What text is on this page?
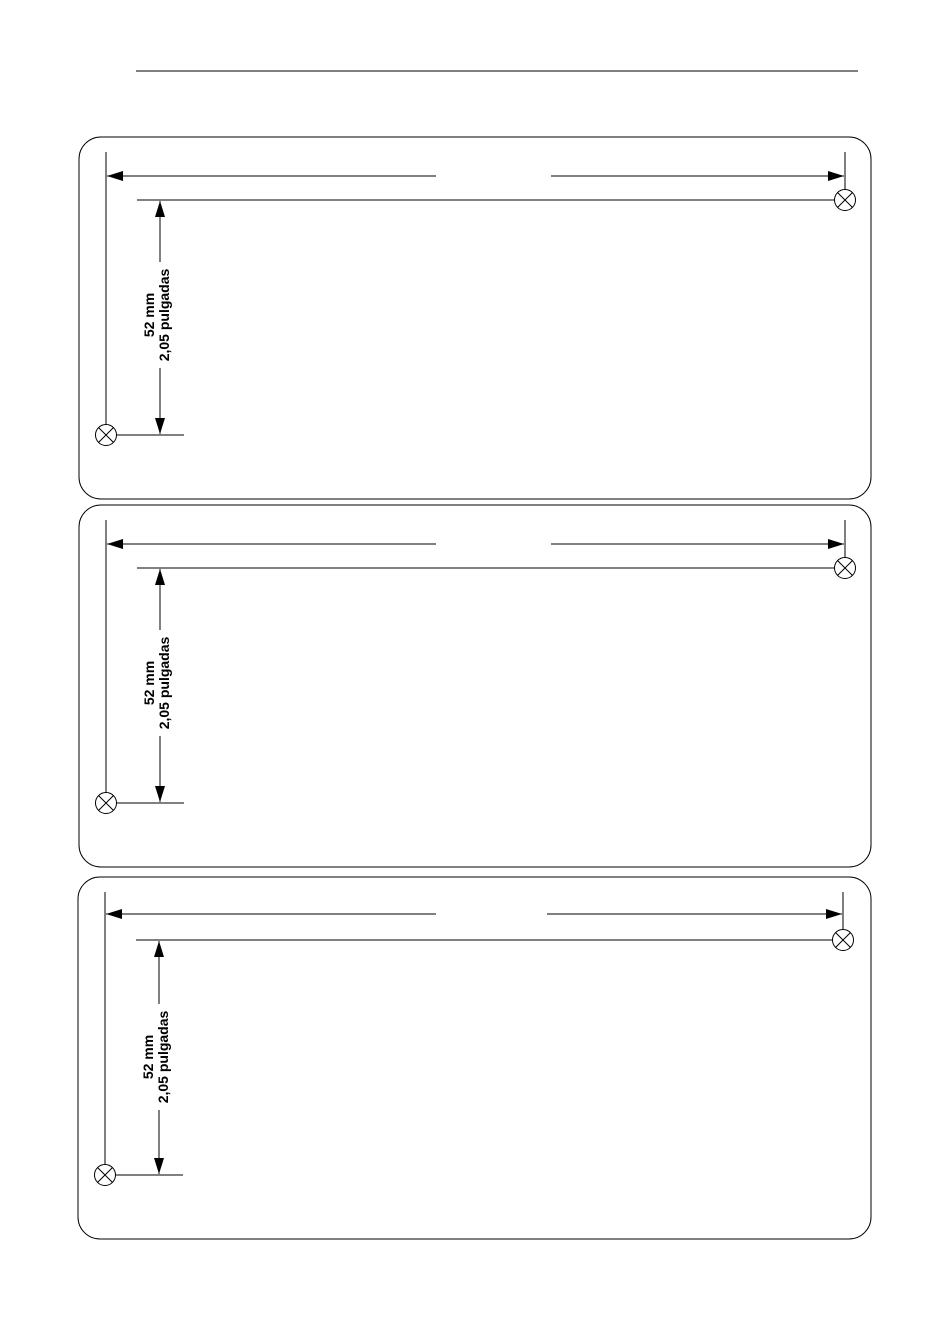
52 mm 2,05 pulgadas
52 mm 2,05 pulgadas
52 mm 2,05 pulgadas
